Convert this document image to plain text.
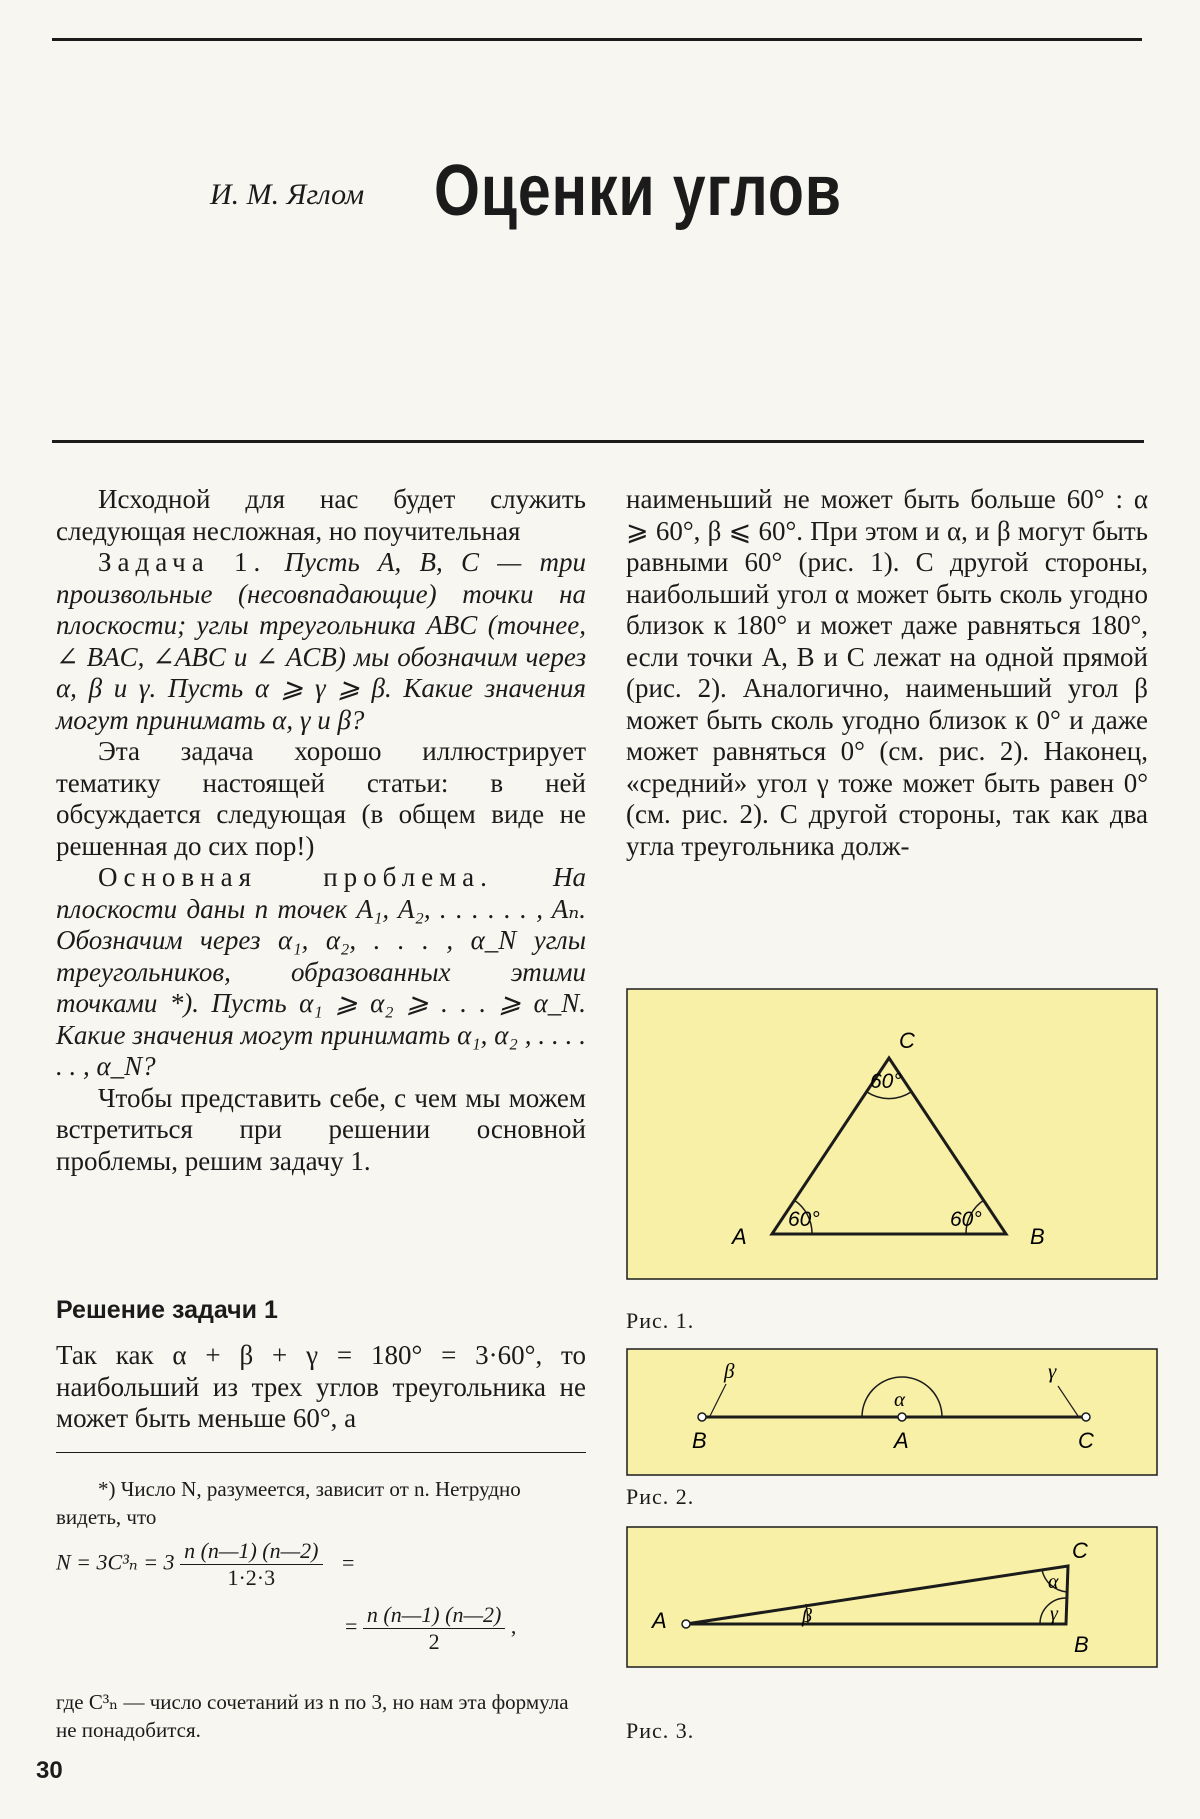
И. М. Яглом Оценки углов

Исходной для нас будет служить следующая несложная, но поучительная

Задача 1. Пусть A, B, C — три произвольные (несовпадающие) точки на плоскости; углы треугольника ABC (точнее, ∠ BAC, ∠ABC и ∠ ACB) мы обозначим через α, β и γ. Пусть α ⩾ γ ⩾ β. Какие значения могут принимать α, γ и β?

Эта задача хорошо иллюстрирует тематику настоящей статьи: в ней обсуждается следующая (в общем виде не решенная до сих пор!)

Основная проблема. На плоскости даны n точек A₁, A₂, . . . . . . , Aₙ. Обозначим через α₁, α₂, . . . , α_N углы треугольников, образованных этими точками *). Пусть α₁ ⩾ α₂ ⩾ . . . ⩾ α_N. Какие значения могут принимать α₁, α₂ , . . . . . . , α_N?

Чтобы представить себе, с чем мы можем встретиться при решении основной проблемы, решим задачу 1.

Решение задачи 1
Так как α + β + γ = 180° = 3·60°, то наибольший из трех углов треугольника не может быть меньше 60°, а

*) Число N, разумеется, зависит от n. Нетрудно видеть, что

$N = 3C^3_n = 3 \frac{n (n—1) (n—2)}{1\cdot 2\cdot 3}$ =
= $\frac{n (n—1) (n—2)}{2}$ ,

где C³ₙ — число сочетаний из n по 3, но нам эта формула не понадобится.

30
наименьший не может быть больше 60° : α ⩾ 60°, β ⩽ 60°. При этом и α, и β могут быть равными 60° (рис. 1). С другой стороны, наибольший угол α может быть сколь угодно близок к 180° и может даже равняться 180°, если точки A, B и C лежат на одной прямой (рис. 2). Аналогично, наименьший угол β может быть сколь угодно близок к 0° и даже может равняться 0° (см. рис. 2). Наконец, «средний» угол γ тоже может быть равен 0° (см. рис. 2). С другой стороны, так как два угла треугольника долж-
C
A	B
60°
60°	60°
Рис. 1.
β	γ
α
B	A	C
Рис. 2.
β
α
γ
A
B
C
Рис. 3.
